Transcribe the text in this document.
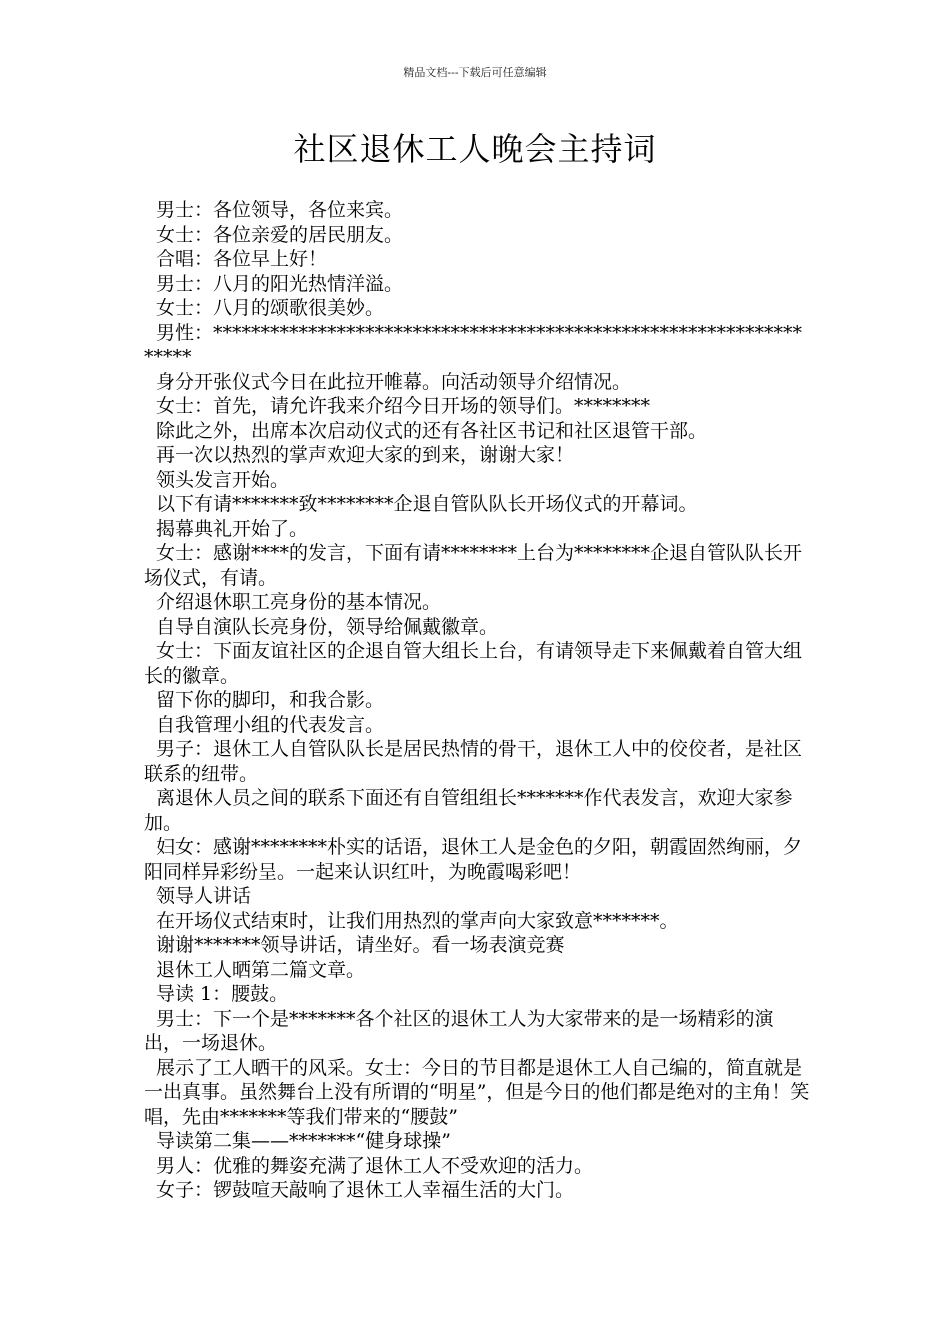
精品文档---下载后可任意编辑
社区退休工人晚会主持词

男士：各位领导，各位来宾。

女士：各位亲爱的居民朋友。

合唱：各位早上好！

男士：八月的阳光热情洋溢。

女士：八月的颂歌很美妙。

男性：*******************************************************************

身分开张仪式今日在此拉开帷幕。向活动领导介绍情况。

女士：首先，请允许我来介绍今日开场的领导们。********

除此之外，出席本次启动仪式的还有各社区书记和社区退管干部。

再一次以热烈的掌声欢迎大家的到来，谢谢大家！

领头发言开始。

以下有请*******致********企退自管队队长开场仪式的开幕词。

揭幕典礼开始了。

女士：感谢****的发言，下面有请********上台为********企退自管队队长开场仪式，有请。

介绍退休职工亮身份的基本情况。

自导自演队长亮身份，领导给佩戴徽章。

女士：下面友谊社区的企退自管大组长上台，有请领导走下来佩戴着自管大组长的徽章。

留下你的脚印，和我合影。

自我管理小组的代表发言。

男子：退休工人自管队队长是居民热情的骨干，退休工人中的佼佼者，是社区联系的纽带。

离退休人员之间的联系下面还有自管组组长*******作代表发言，欢迎大家参加。

妇女：感谢********朴实的话语，退休工人是金色的夕阳，朝霞固然绚丽，夕阳同样异彩纷呈。一起来认识红叶，为晚霞喝彩吧！

领导人讲话

在开场仪式结束时，让我们用热烈的掌声向大家致意*******。

谢谢*******领导讲话，请坐好。看一场表演竞赛

退休工人晒第二篇文章。

导读 1：腰鼓。

男士：下一个是*******各个社区的退休工人为大家带来的是一场精彩的演出，一场退休。

展示了工人晒干的风采。女士：今日的节目都是退休工人自己编的，简直就是一出真事。虽然舞台上没有所谓的“明星”，但是今日的他们都是绝对的主角！笑唱，先由*******等我们带来的“腰鼓”

导读第二集——*******“健身球操”

男人：优雅的舞姿充满了退休工人不受欢迎的活力。

女子：锣鼓喧天敲响了退休工人幸福生活的大门。
